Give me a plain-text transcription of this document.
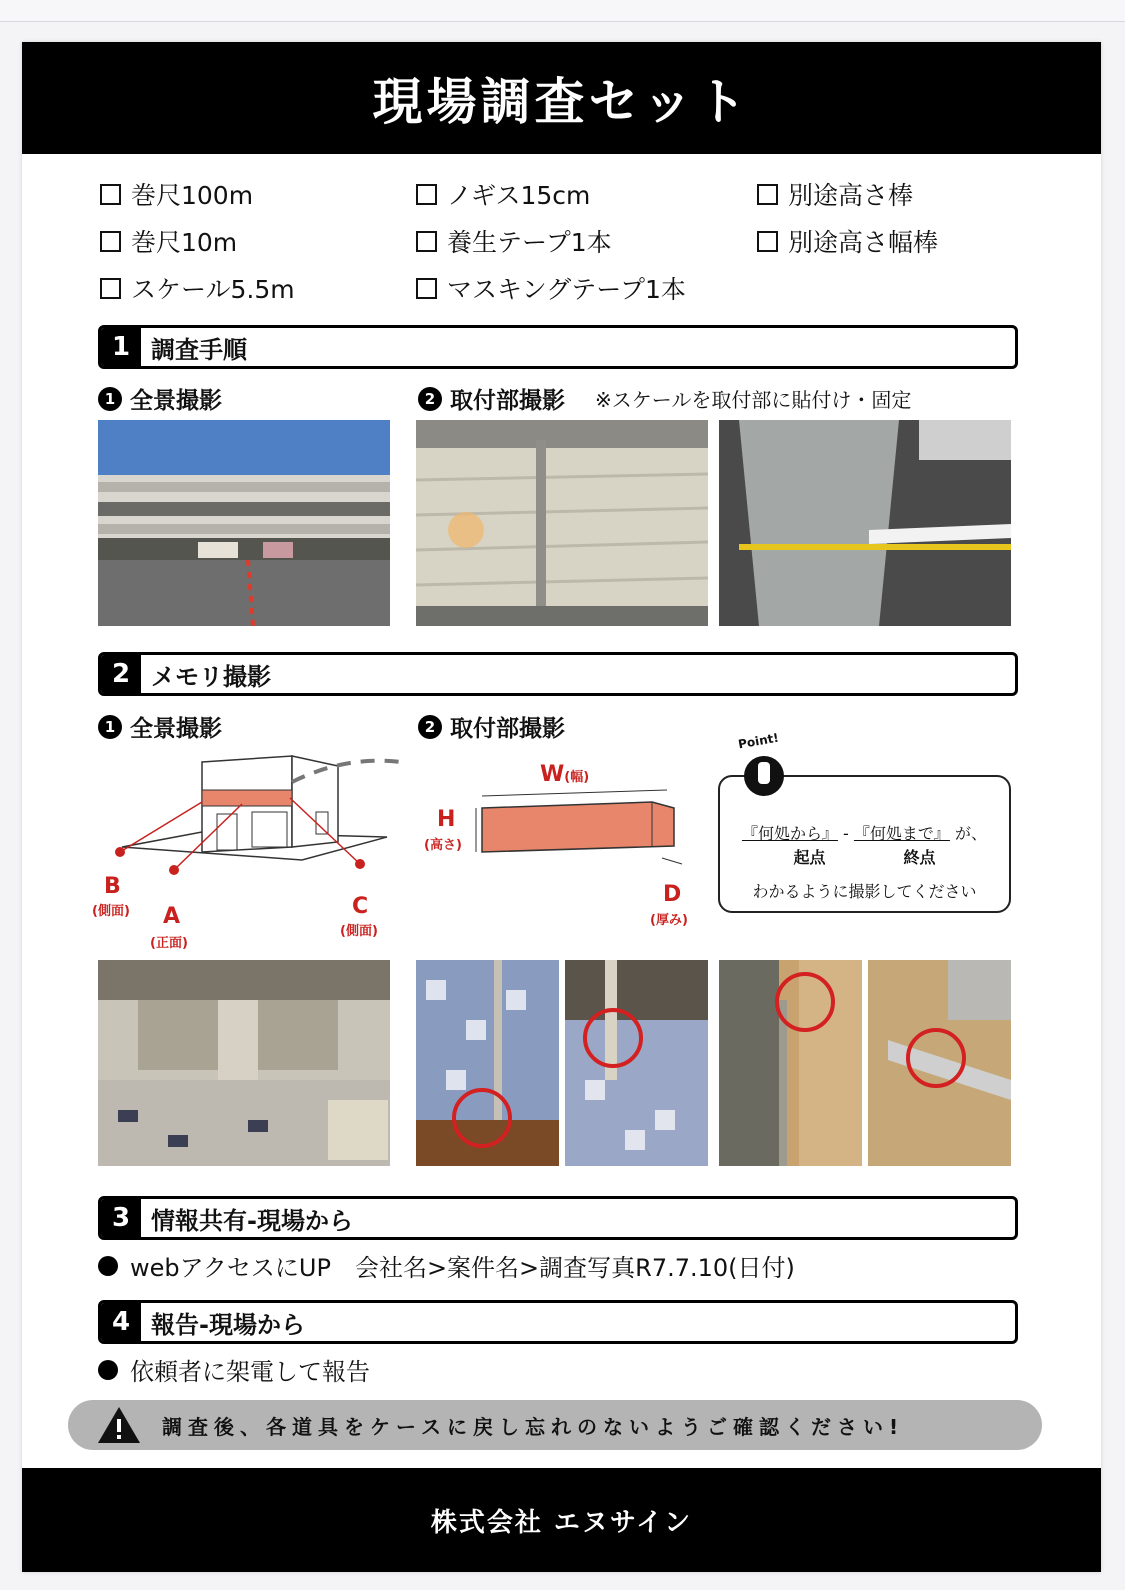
現場調査セット
巻尺100m
巻尺10m
スケール5.5m
ノギス15cm
養生テープ1本
マスキングテープ1本
別途高さ棒
別途高さ幅棒
1 調査手順
1 全景撮影	2 取付部撮影 ※スケールを取付部に貼付け・固定
2 メモリ撮影
1 全景撮影	2 取付部撮影
B
(側面) A
(正面)
C
(側面)
W(幅)
H
(高さ)
D
(厚み)
『何処から』 - 『何処まで』 が、
起点	終点
わかるように撮影してください
Point!
3 情報共有-現場から
webアクセスにUP　会社名>案件名>調査写真R7.7.10(日付)
4 報告-現場から
依頼者に架電して報告
調査後、各道具をケースに戻し忘れのないようご確認ください!
株式会社 エヌサイン
